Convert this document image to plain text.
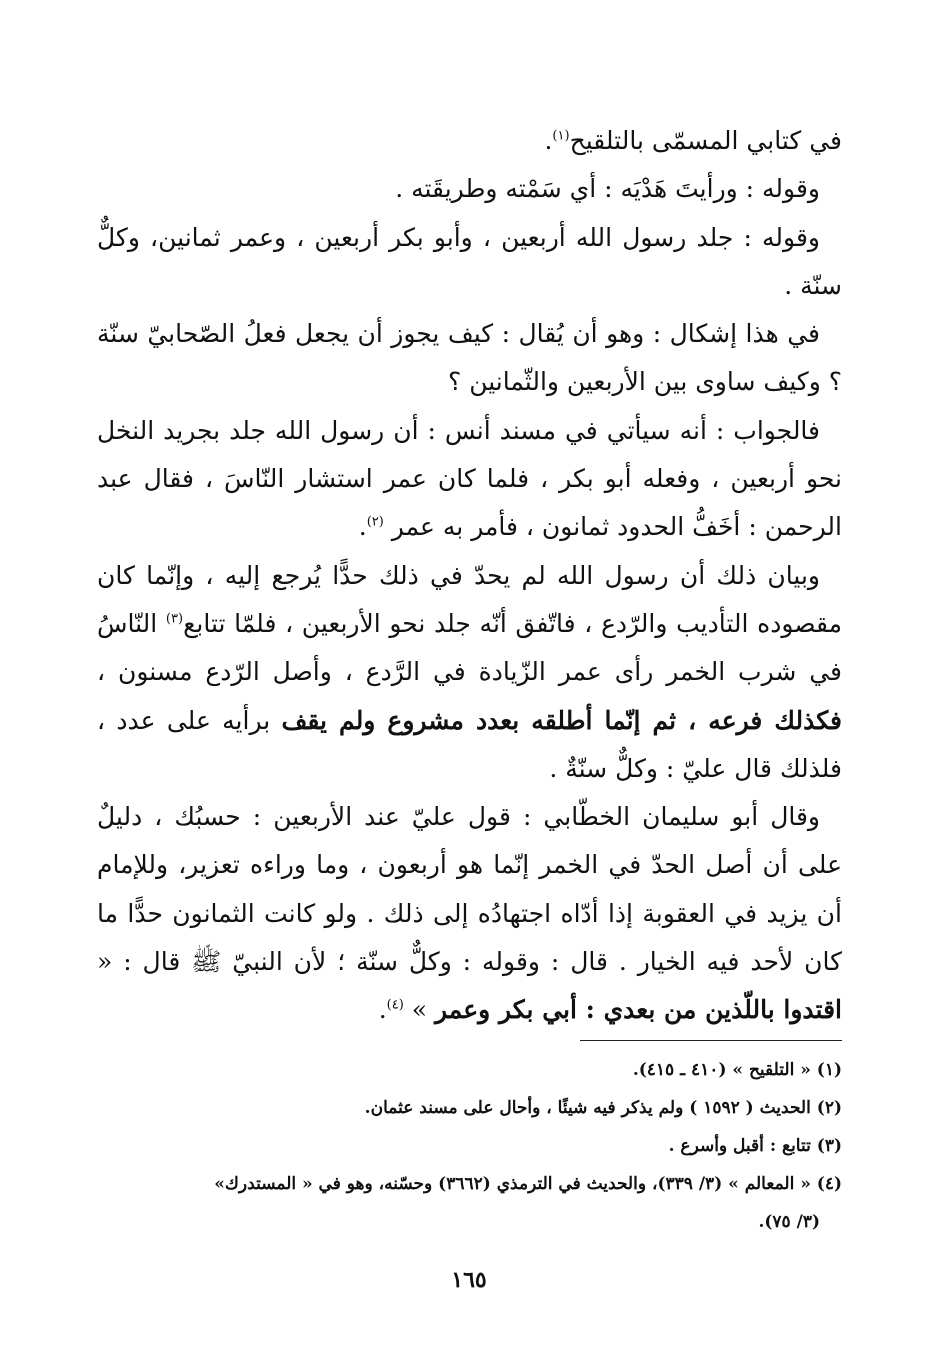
في كتابي المسمّى بالتلقيح$^{(١)}$.

وقوله : ورأيتَ هَدْيَه : أي سَمْته وطريقَته .

وقوله : جلد رسول الله أربعين ، وأبو بكر أربعين ، وعمر ثمانين، وكلٌّ سنّة .

في هذا إشكال : وهو أن يُقال : كيف يجوز أن يجعل فعلُ الصّحابيّ سنّة ؟ وكيف ساوى بين الأربعين والثّمانين ؟

فالجواب : أنه سيأتي في مسند أنس : أن رسول الله جلد بجريد النخل نحو أربعين ، وفعله أبو بكر ، فلما كان عمر استشار النّاسَ ، فقال عبد الرحمن : أخَفُّ الحدود ثمانون ، فأمر به عمر $^{(٢)}$.

وبيان ذلك أن رسول الله لم يحدّ في ذلك حدًّا يُرجع إليه ، وإنّما كان مقصوده التأديب والرّدع ، فاتّفق أنّه جلد نحو الأربعين ، فلمّا تتابع$^{(٣)}$ النّاسُ في شرب الخمر رأى عمر الزّيادة في الرَّدع ، وأصل الرّدع مسنون ، فكذلك فرعه ، ثم إنّما أطلقه بعدد مشروع ولم يقف برأيه على عدد ، فلذلك قال عليّ : وكلٌّ سنّةٌ .

وقال أبو سليمان الخطّابي : قول عليّ عند الأربعين : حسبُك ، دليلٌ على أن أصل الحدّ في الخمر إنّما هو أربعون ، وما وراءه تعزير، وللإمام أن يزيد في العقوبة إذا أدّاه اجتهادُه إلى ذلك . ولو كانت الثمانون حدًّا ما كان لأحد فيه الخيار . قال : وقوله : وكلٌّ سنّة ؛ لأن النبيّ ﷺ قال : « اقتدوا باللّذين من بعدي : أبي بكر وعمر » $^{(٤)}$.

(١) « التلقيح » (٤١٠ ـ ٤١٥).

(٢) الحديث ( ١٥٩٢ ) ولم يذكر فيه شيئًا ، وأحال على مسند عثمان.

(٣) تتابع : أقبل وأسرع .

(٤) « المعالم » (٣/ ٣٣٩)، والحديث في الترمذي (٣٦٦٢) وحسّنه، وهو في « المستدرك»

(٣/ ٧٥).

١٦٥
